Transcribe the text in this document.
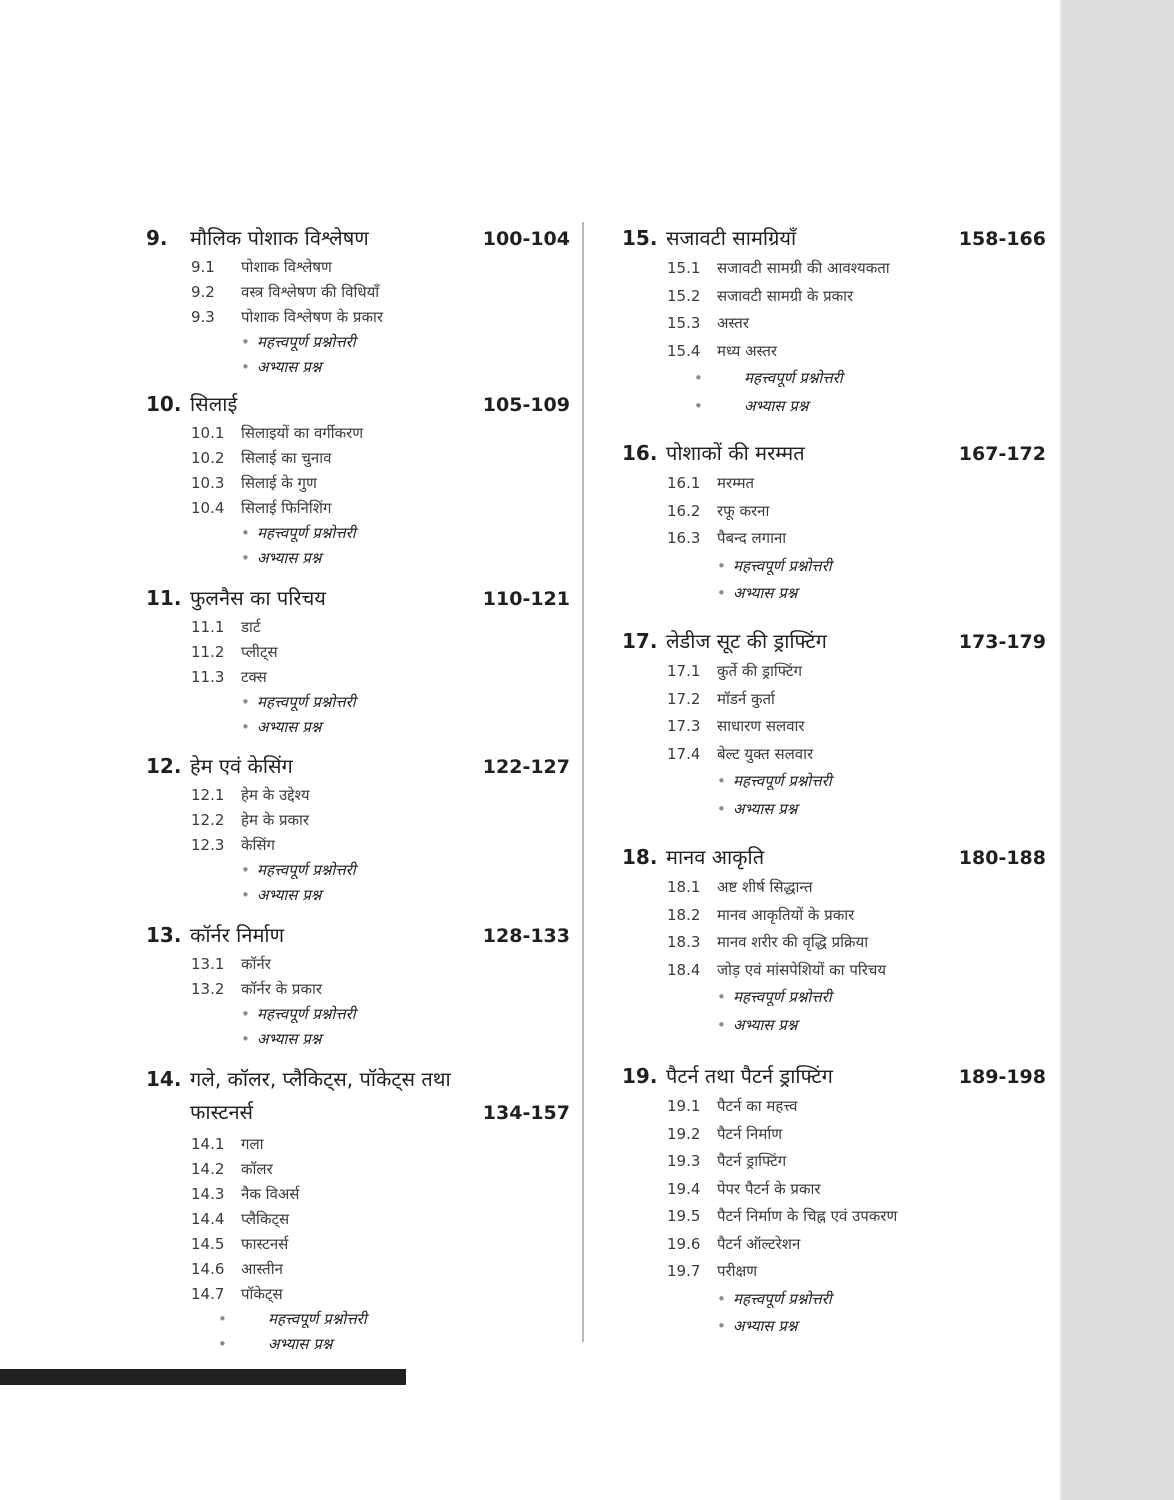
9.	मौलिक पोशाक विश्लेषण	100-104
9.1	पोशाक विश्लेषण
9.2	वस्त्र विश्लेषण की विधियाँ
9.3	पोशाक विश्लेषण के प्रकार
• महत्त्वपूर्ण प्रश्नोत्तरी
• अभ्यास प्रश्न
10. सिलाई	105-109
10.1	सिलाइयों का वर्गीकरण
10.2	सिलाई का चुनाव
10.3	सिलाई के गुण
10.4	सिलाई फिनिशिंग
• महत्त्वपूर्ण प्रश्नोत्तरी
• अभ्यास प्रश्न
11. फुलनैस का परिचय	110-121
11.1	डार्ट
11.2	प्लीट्स
11.3	टक्स
• महत्त्वपूर्ण प्रश्नोत्तरी
• अभ्यास प्रश्न
12. हेम एवं केसिंग	122-127
12.1	हेम के उद्देश्य
12.2	हेम के प्रकार
12.3	केसिंग
• महत्त्वपूर्ण प्रश्नोत्तरी
• अभ्यास प्रश्न
13. कॉर्नर निर्माण	128-133
13.1	कॉर्नर
13.2	कॉर्नर के प्रकार
• महत्त्वपूर्ण प्रश्नोत्तरी
• अभ्यास प्रश्न
14. गले, कॉलर, प्लैकिट्स, पॉकेट्स तथा
फास्टनर्स	134-157
14.1	गला
14.2	कॉलर
14.3	नैक विअर्स
14.4	प्लैकिट्स
14.5	फास्टनर्स
14.6	आस्तीन
14.7	पॉकेट्स
•	महत्त्वपूर्ण प्रश्नोत्तरी
•	अभ्यास प्रश्न
15. सजावटी सामग्रियाँ	158-166
15.1	सजावटी सामग्री की आवश्यकता
15.2	सजावटी सामग्री के प्रकार
15.3	अस्तर
15.4	मध्य अस्तर
•	महत्त्वपूर्ण प्रश्नोत्तरी
•	अभ्यास प्रश्न
16. पोशाकों की मरम्मत	167-172
16.1	मरम्मत
16.2	रफू करना
16.3	पैबन्द लगाना
• महत्त्वपूर्ण प्रश्नोत्तरी
• अभ्यास प्रश्न
17. लेडीज सूट की ड्राफ्टिंग	173-179
17.1	कुर्ते की ड्राफ्टिंग
17.2	मॉडर्न कुर्ता
17.3	साधारण सलवार
17.4	बेल्ट युक्त सलवार
• महत्त्वपूर्ण प्रश्नोत्तरी
• अभ्यास प्रश्न
18. मानव आकृति	180-188
18.1	अष्ट शीर्ष सिद्धान्त
18.2	मानव आकृतियों के प्रकार
18.3	मानव शरीर की वृद्धि प्रक्रिया
18.4	जोड़ एवं मांसपेशियों का परिचय
• महत्त्वपूर्ण प्रश्नोत्तरी
• अभ्यास प्रश्न
19. पैटर्न तथा पैटर्न ड्राफ्टिंग	189-198
19.1	पैटर्न का महत्त्व
19.2	पैटर्न निर्माण
19.3	पैटर्न ड्राफ्टिंग
19.4	पेपर पैटर्न के प्रकार
19.5	पैटर्न निर्माण के चिह्न एवं उपकरण
19.6	पैटर्न ऑल्टरेशन
19.7	परीक्षण
• महत्त्वपूर्ण प्रश्नोत्तरी
• अभ्यास प्रश्न
